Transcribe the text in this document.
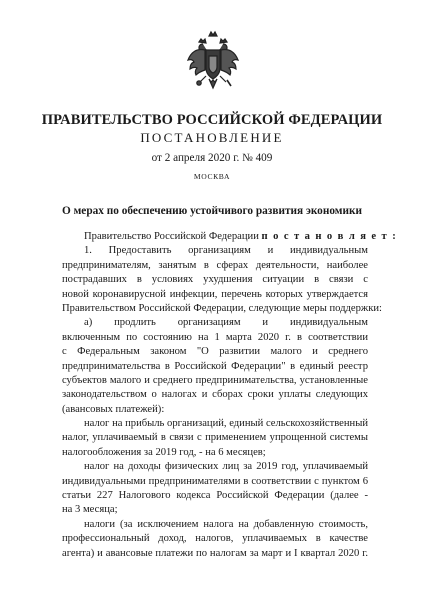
ПРАВИТЕЛЬСТВО РОССИЙСКОЙ ФЕДЕРАЦИИ
ПОСТАНОВЛЕНИЕ
от 2 апреля 2020 г. № 409
МОСКВА
О мерах по обеспечению устойчивого развития экономики
Правительство Российской Федерации п о с т а н о в л я е т :
1. Предоставить организациям и индивидуальным
предпринимателям, занятым в сферах деятельности, наиболее
пострадавших в условиях ухудшения ситуации в связи с
новой коронавирусной инфекции, перечень которых утверждается
Правительством Российской Федерации, следующие меры поддержки:
а) продлить организациям и индивидуальным
включенным по состоянию на 1 марта 2020 г. в соответствии
с Федеральным законом "О развитии малого и среднего
предпринимательства в Российской Федерации" в единый реестр
субъектов малого и среднего предпринимательства, установленные
законодательством о налогах и сборах сроки уплаты следующих
(авансовых платежей):
налог на прибыль организаций, единый сельскохозяйственный
налог, уплачиваемый в связи с применением упрощенной системы
налогообложения за 2019 год, - на 6 месяцев;
налог на доходы физических лиц за 2019 год, уплачиваемый
индивидуальными предпринимателями в соответствии с пунктом 6
статьи 227 Налогового кодекса Российской Федерации (далее -
на 3 месяца;
налоги (за исключением налога на добавленную стоимость,
профессиональный доход, налогов, уплачиваемых в качестве
агента) и авансовые платежи по налогам за март и I квартал 2020 г.
